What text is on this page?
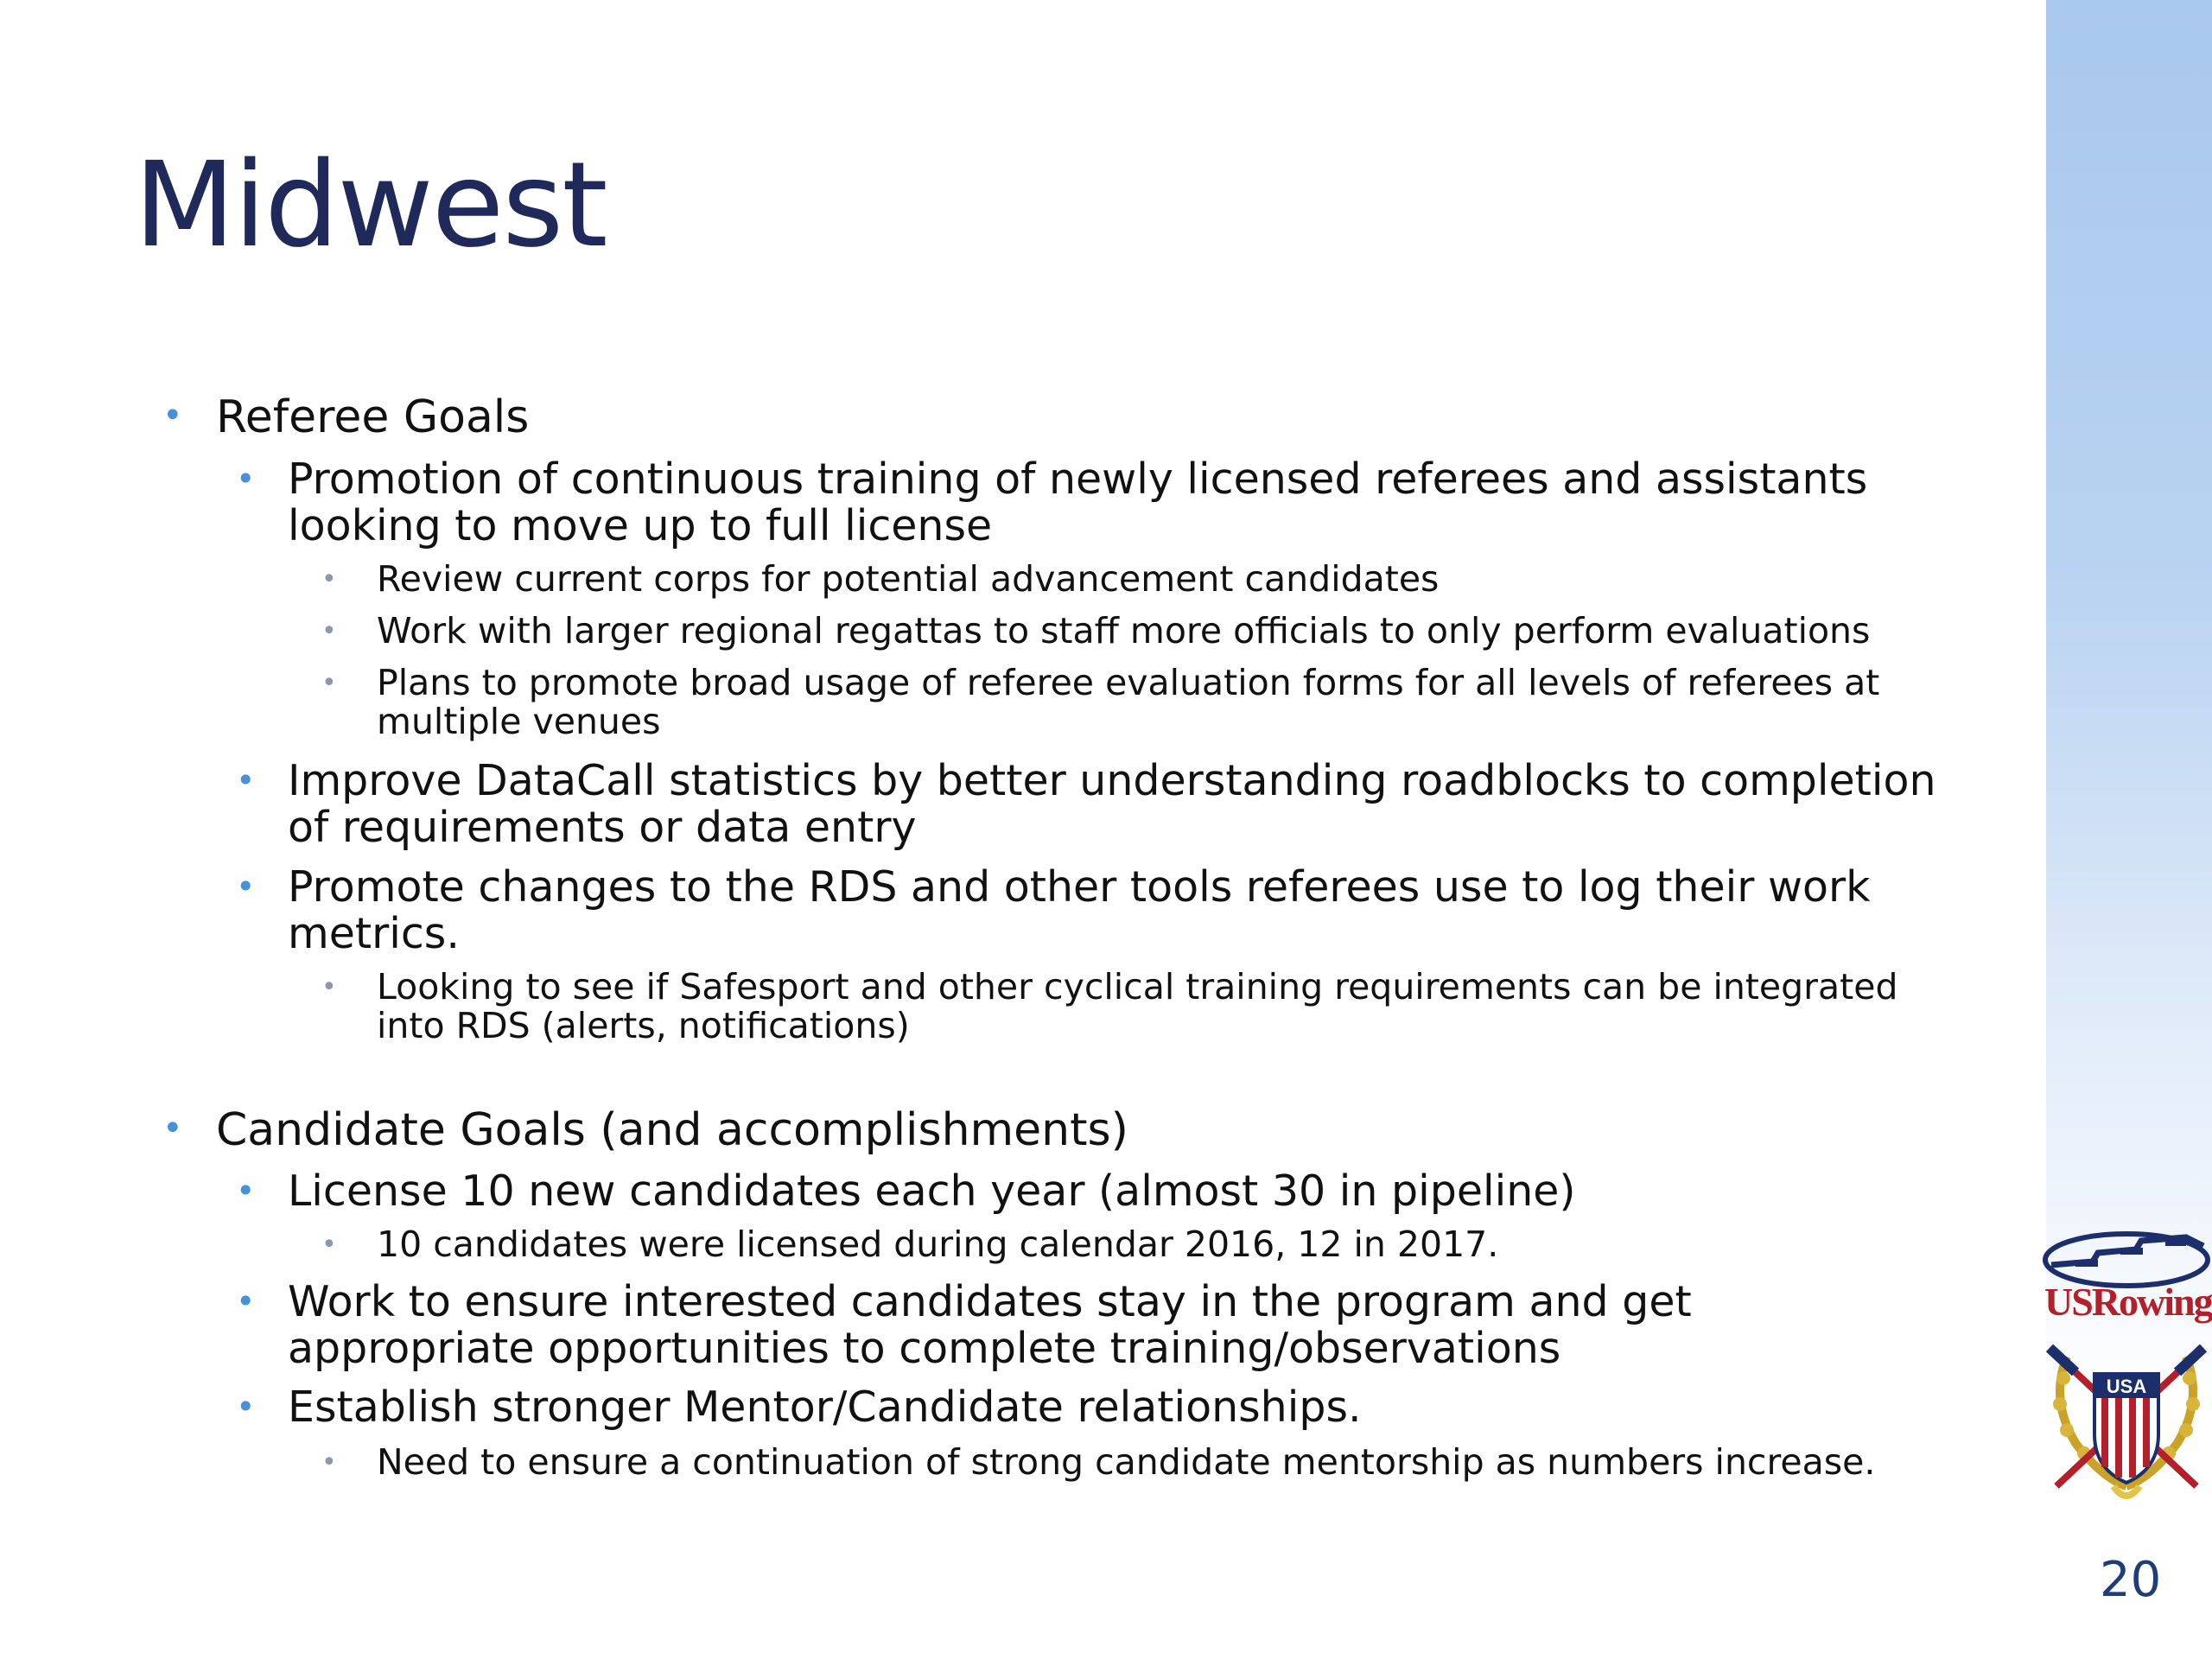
Midwest
• Referee Goals
• Promotion of continuous training of newly licensed referees and assistants looking to move up to full license
• Review current corps for potential advancement candidates
• Work with larger regional regattas to staff more officials to only perform evaluations
• Plans to promote broad usage of referee evaluation forms for all levels of referees at multiple venues
• Improve DataCall statistics by better understanding roadblocks to completion of requirements or data entry
• Promote changes to the RDS and other tools referees use to log their work metrics.
• Looking to see if Safesport and other cyclical training requirements can be integrated into RDS (alerts, notifications)
• Candidate Goals (and accomplishments)
• License 10 new candidates each year (almost 30 in pipeline)
• 10 candidates were licensed during calendar 2016, 12 in 2017.
• Work to ensure interested candidates stay in the program and get appropriate opportunities to complete training/observations
• Establish stronger Mentor/Candidate relationships.
• Need to ensure a continuation of strong candidate mentorship as numbers increase.
USRowing
USA
20
